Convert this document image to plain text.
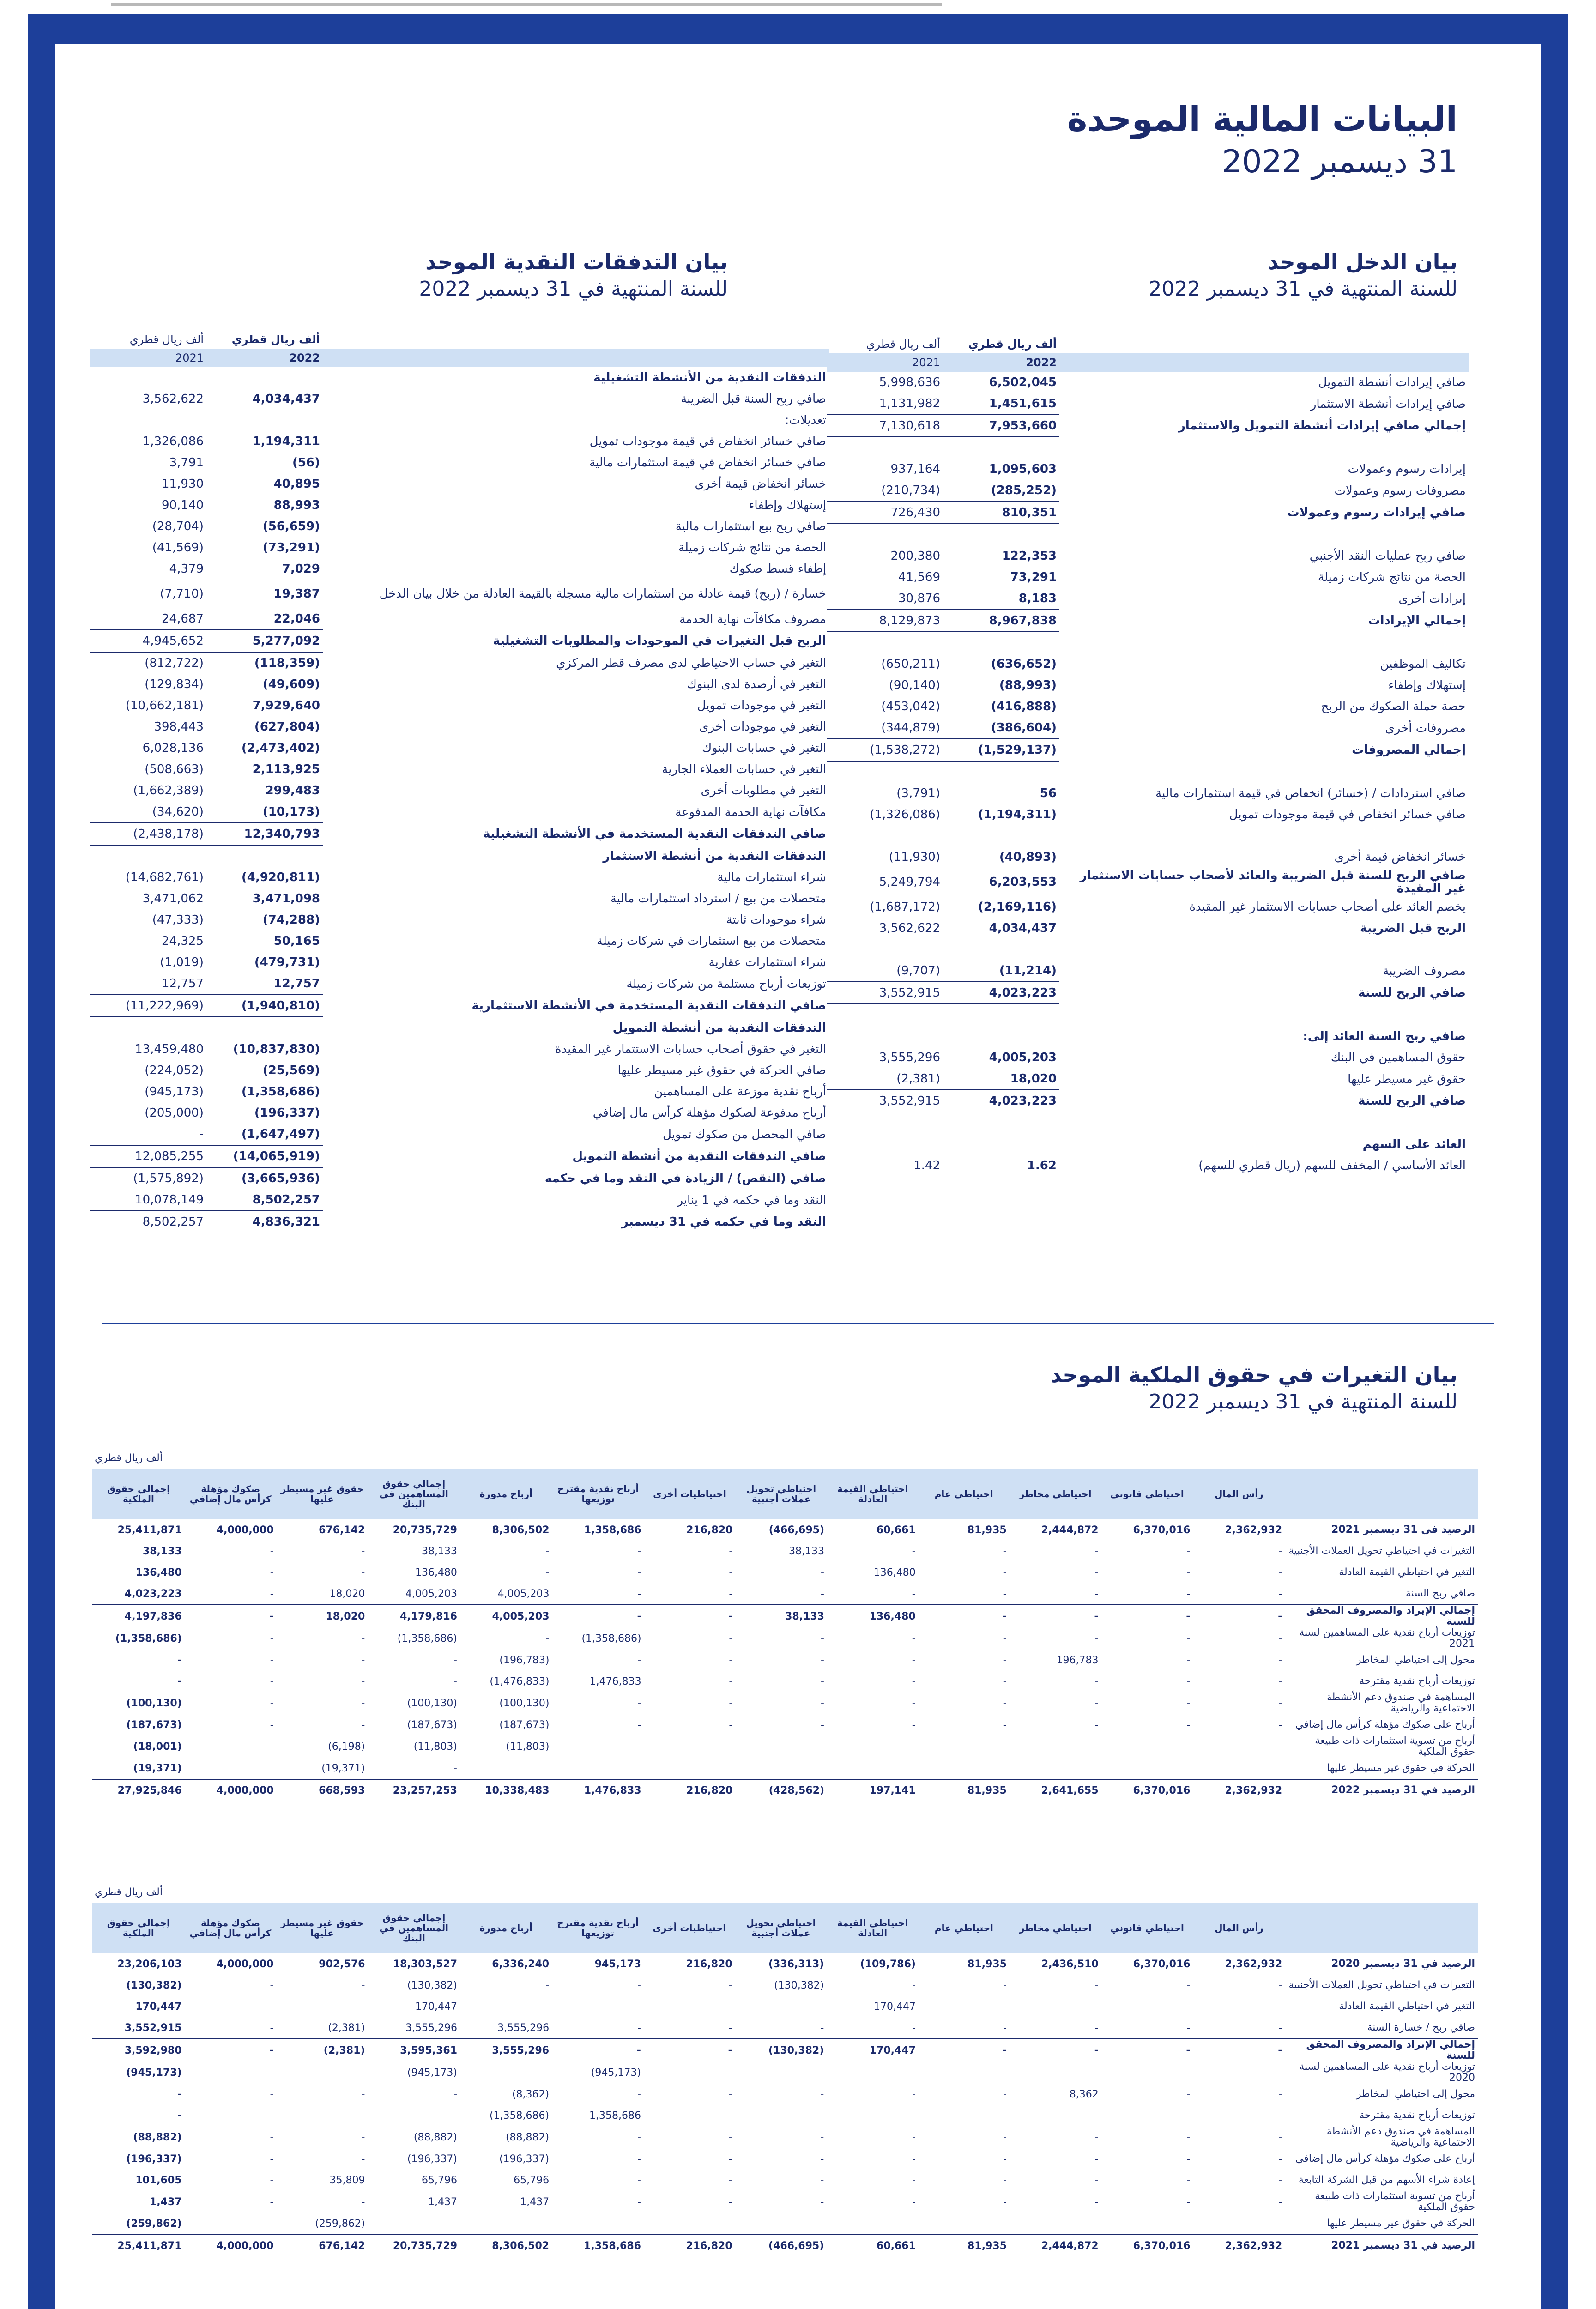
البيانات المالية الموحدة
31 ديسمبر 2022
بيان الدخل الموحد
للسنة المنتهية في 31 ديسمبر 2022
ألف ريال قطري	ألف ريال قطري	
2021	2022	
5,998,636	6,502,045	صافي إيرادات أنشطة التمويل
1,131,982	1,451,615	صافي إيرادات أنشطة الاستثمار
7,130,618	7,953,660	إجمالي صافي إيرادات أنشطة التمويل والاستثمار

937,164	1,095,603	إيرادات رسوم وعمولات
(210,734)	(285,252)	مصروفات رسوم وعمولات
726,430	810,351	صافي إيرادات رسوم وعمولات

200,380	122,353	صافي ربح عمليات النقد الأجنبي
41,569	73,291	الحصة من نتائج شركات زميلة
30,876	8,183	إيرادات أخرى
8,129,873	8,967,838	إجمالي الإيرادات

(650,211)	(636,652)	تكاليف الموظفين
(90,140)	(88,993)	إستهلاك وإطفاء
(453,042)	(416,888)	حصة حملة الصكوك من الربح
(344,879)	(386,604)	مصروفات أخرى
(1,538,272)	(1,529,137)	إجمالي المصروفات

(3,791)	56	صافي استردادات / (خسائر) انخفاض في قيمة استثمارات مالية
(1,326,086)	(1,194,311)	صافي خسائر انخفاض في قيمة موجودات تمويل

(11,930)	(40,893)	خسائر انخفاض قيمة أخرى
5,249,794	6,203,553	صافي الربح للسنة قبل الضريبة والعائد لأصحاب حسابات الاستثمار غير المقيدة
(1,687,172)	(2,169,116)	يخصم العائد على أصحاب حسابات الاستثمار غير المقيدة
3,562,622	4,034,437	الربح قبل الضريبة

(9,707)	(11,214)	مصروف الضريبة
3,552,915	4,023,223	صافي الربح للسنة

		صافي ربح السنة العائد إلى:
3,555,296	4,005,203	حقوق المساهمين في البنك
(2,381)	18,020	حقوق غير مسيطر عليها
3,552,915	4,023,223	صافي الربح للسنة

		العائد على السهم
1.42	1.62	العائد الأساسي / المخفف للسهم (ريال قطري للسهم)
بيان التدفقات النقدية الموحد
للسنة المنتهية في 31 ديسمبر 2022
ألف ريال قطري	ألف ريال قطري	
2021	2022	
		التدفقات النقدية من الأنشطة التشغيلية
3,562,622	4,034,437	صافي ربح السنة قبل الضريبة
		تعديلات:
1,326,086	1,194,311	صافي خسائر انخفاض في قيمة موجودات تمويل
3,791	(56)	صافي خسائر انخفاض في قيمة استثمارات مالية
11,930	40,895	خسائر انخفاض قيمة أخرى
90,140	88,993	إستهلاك وإطفاء
(28,704)	(56,659)	صافي ربح بيع استثمارات مالية
(41,569)	(73,291)	الحصة من نتائج شركات زميلة
4,379	7,029	إطفاء قسط صكوك
(7,710)	19,387	خسارة / (ربح) قيمة عادلة من استثمارات مالية مسجلة بالقيمة العادلة من خلال بيان الدخل
24,687	22,046	مصروف مكافآت نهاية الخدمة
4,945,652	5,277,092	الربح قبل التغيرات في الموجودات والمطلوبات التشغيلية
(812,722)	(118,359)	التغير في حساب الاحتياطي لدى مصرف قطر المركزي
(129,834)	(49,609)	التغير في أرصدة لدى البنوك
(10,662,181)	7,929,640	التغير في موجودات تمويل
398,443	(627,804)	التغير في موجودات أخرى
6,028,136	(2,473,402)	التغير في حسابات البنوك
(508,663)	2,113,925	التغير في حسابات العملاء الجارية
(1,662,389)	299,483	التغير في مطلوبات أخرى
(34,620)	(10,173)	مكافآت نهاية الخدمة المدفوعة
(2,438,178)	12,340,793	صافي التدفقات النقدية المستخدمة في الأنشطة التشغيلية
		التدفقات النقدية من أنشطة الاستثمار
(14,682,761)	(4,920,811)	شراء استثمارات مالية
3,471,062	3,471,098	متحصلات من بيع / استرداد استثمارات مالية
(47,333)	(74,288)	شراء موجودات ثابتة
24,325	50,165	متحصلات من بيع استثمارات في شركات زميلة
(1,019)	(479,731)	شراء استثمارات عقارية
12,757	12,757	توزيعات أرباح مستلمة من شركات زميلة
(11,222,969)	(1,940,810)	صافي التدفقات النقدية المستخدمة في الأنشطة الاستثمارية
		التدفقات النقدية من أنشطة التمويل
13,459,480	(10,837,830)	التغير في حقوق أصحاب حسابات الاستثمار غير المقيدة
(224,052)	(25,569)	صافي الحركة في حقوق غير مسيطر عليها
(945,173)	(1,358,686)	أرباح نقدية موزعة على المساهمين
(205,000)	(196,337)	أرباح مدفوعة لصكوك مؤهلة كرأس مال إضافي
-	(1,647,497)	صافي المحصل من صكوك تمويل
12,085,255	(14,065,919)	صافي التدفقات النقدية من أنشطة التمويل
(1,575,892)	(3,665,936)	صافي (النقص) / الزيادة في النقد وما في حكمه
10,078,149	8,502,257	النقد وما في حكمه في 1 يناير
8,502,257	4,836,321	النقد وما في حكمه في 31 ديسمبر
بيان التغيرات في حقوق الملكية الموحد
للسنة المنتهية في 31 ديسمبر 2022
ألف ريال قطري
إجمالي حقوق الملكية	صكوك مؤهلة كرأس مال إضافي	حقوق غير مسيطر عليها	إجمالي حقوق المساهمين في البنك	أرباح مدورة	أرباح نقدية مقترح توزيعها	احتياطيات أخرى	احتياطي تحويل عملات أجنبية	احتياطي القيمة العادلة	احتياطي عام	احتياطي مخاطر	احتياطي قانوني	رأس المال	
25,411,871	4,000,000	676,142	20,735,729	8,306,502	1,358,686	216,820	(466,695)	60,661	81,935	2,444,872	6,370,016	2,362,932	الرصيد في 31 ديسمبر 2021
38,133	-	-	38,133	-	-	-	38,133	-	-	-	-	-	التغيرات في احتياطي تحويل العملات الأجنبية
136,480	-	-	136,480	-	-	-	-	136,480	-	-	-	-	التغير في احتياطي القيمة العادلة
4,023,223	-	18,020	4,005,203	4,005,203	-	-	-	-	-	-	-	-	صافي ربح السنة
4,197,836	-	18,020	4,179,816	4,005,203	-	-	38,133	136,480	-	-	-	-	إجمالي الإيراد والمصروف المحقق للسنة
(1,358,686)	-	-	(1,358,686)	-	(1,358,686)	-	-	-	-	-	-	-	توزيعات أرباح نقدية على المساهمين لسنة 2021
-	-	-	-	(196,783)	-	-	-	-	-	196,783	-	-	محول إلى احتياطي المخاطر
-	-	-	-	(1,476,833)	1,476,833	-	-	-	-	-	-	-	توزيعات أرباح نقدية مقترحة
(100,130)	-	-	(100,130)	(100,130)	-	-	-	-	-	-	-	-	المساهمة في صندوق دعم الأنشطة الاجتماعية والرياضية
(187,673)	-	-	(187,673)	(187,673)	-	-	-	-	-	-	-	-	أرباح على صكوك مؤهلة كرأس مال إضافي
(18,001)	-	(6,198)	(11,803)	(11,803)	-	-	-	-	-	-	-	-	أرباح من تسوية استثمارات ذات طبيعة حقوق الملكية
(19,371)		(19,371)	-										الحركة في حقوق غير مسيطر عليها
27,925,846	4,000,000	668,593	23,257,253	10,338,483	1,476,833	216,820	(428,562)	197,141	81,935	2,641,655	6,370,016	2,362,932	الرصيد في 31 ديسمبر 2022
ألف ريال قطري
إجمالي حقوق الملكية	صكوك مؤهلة كرأس مال إضافي	حقوق غير مسيطر عليها	إجمالي حقوق المساهمين في البنك	أرباح مدورة	أرباح نقدية مقترح توزيعها	احتياطيات أخرى	احتياطي تحويل عملات أجنبية	احتياطي القيمة العادلة	احتياطي عام	احتياطي مخاطر	احتياطي قانوني	رأس المال	
23,206,103	4,000,000	902,576	18,303,527	6,336,240	945,173	216,820	(336,313)	(109,786)	81,935	2,436,510	6,370,016	2,362,932	الرصيد في 31 ديسمبر 2020
(130,382)	-	-	(130,382)	-	-	-	(130,382)	-	-	-	-	-	التغيرات في احتياطي تحويل العملات الأجنبية
170,447	-	-	170,447	-	-	-	-	170,447	-	-	-	-	التغير في احتياطي القيمة العادلة
3,552,915	-	(2,381)	3,555,296	3,555,296	-	-	-	-	-	-	-	-	صافي ربح / خسارة السنة
3,592,980	-	(2,381)	3,595,361	3,555,296	-	-	(130,382)	170,447	-	-	-	-	إجمالي الإيراد والمصروف المحقق للسنة
(945,173)	-	-	(945,173)	-	(945,173)	-	-	-	-	-	-	-	توزيعات أرباح نقدية على المساهمين لسنة 2020
-	-	-	-	(8,362)	-	-	-	-	-	8,362	-	-	محول إلى احتياطي المخاطر
-	-	-	-	(1,358,686)	1,358,686	-	-	-	-	-	-	-	توزيعات أرباح نقدية مقترحة
(88,882)	-	-	(88,882)	(88,882)	-	-	-	-	-	-	-	-	المساهمة في صندوق دعم الأنشطة الاجتماعية والرياضية
(196,337)	-	-	(196,337)	(196,337)	-	-	-	-	-	-	-	-	أرباح على صكوك مؤهلة كرأس مال إضافي
101,605	-	35,809	65,796	65,796	-	-	-	-	-	-	-	-	إعادة شراء الأسهم من قبل الشركة التابعة
1,437	-	-	1,437	1,437	-	-	-	-	-	-	-	-	أرباح من تسوية استثمارات ذات طبيعة حقوق الملكية
(259,862)		(259,862)	-										الحركة في حقوق غير مسيطر عليها
25,411,871	4,000,000	676,142	20,735,729	8,306,502	1,358,686	216,820	(466,695)	60,661	81,935	2,444,872	6,370,016	2,362,932	الرصيد في 31 ديسمبر 2021
